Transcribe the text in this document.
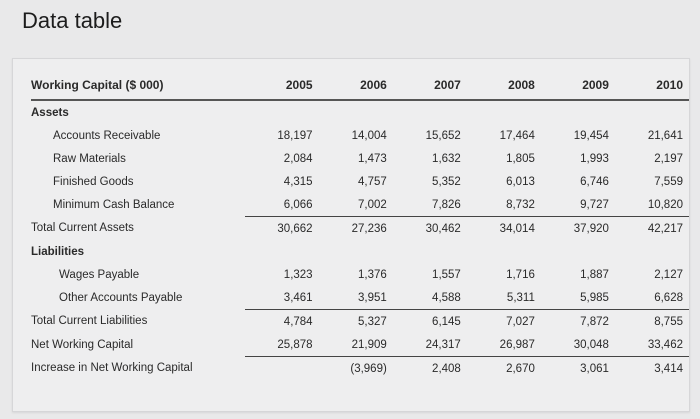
Data table
Working Capital ($ 000)	2005	2006	2007	2008	2009	2010
Assets						
Accounts Receivable	18,197	14,004	15,652	17,464	19,454	21,641
Raw Materials	2,084	1,473	1,632	1,805	1,993	2,197
Finished Goods	4,315	4,757	5,352	6,013	6,746	7,559
Minimum Cash Balance	6,066	7,002	7,826	8,732	9,727	10,820
Total Current Assets	30,662	27,236	30,462	34,014	37,920	42,217
Liabilities						
Wages Payable	1,323	1,376	1,557	1,716	1,887	2,127
Other Accounts Payable	3,461	3,951	4,588	5,311	5,985	6,628
Total Current Liabilities	4,784	5,327	6,145	7,027	7,872	8,755
Net Working Capital	25,878	21,909	24,317	26,987	30,048	33,462
Increase in Net Working Capital		(3,969)	2,408	2,670	3,061	3,414
